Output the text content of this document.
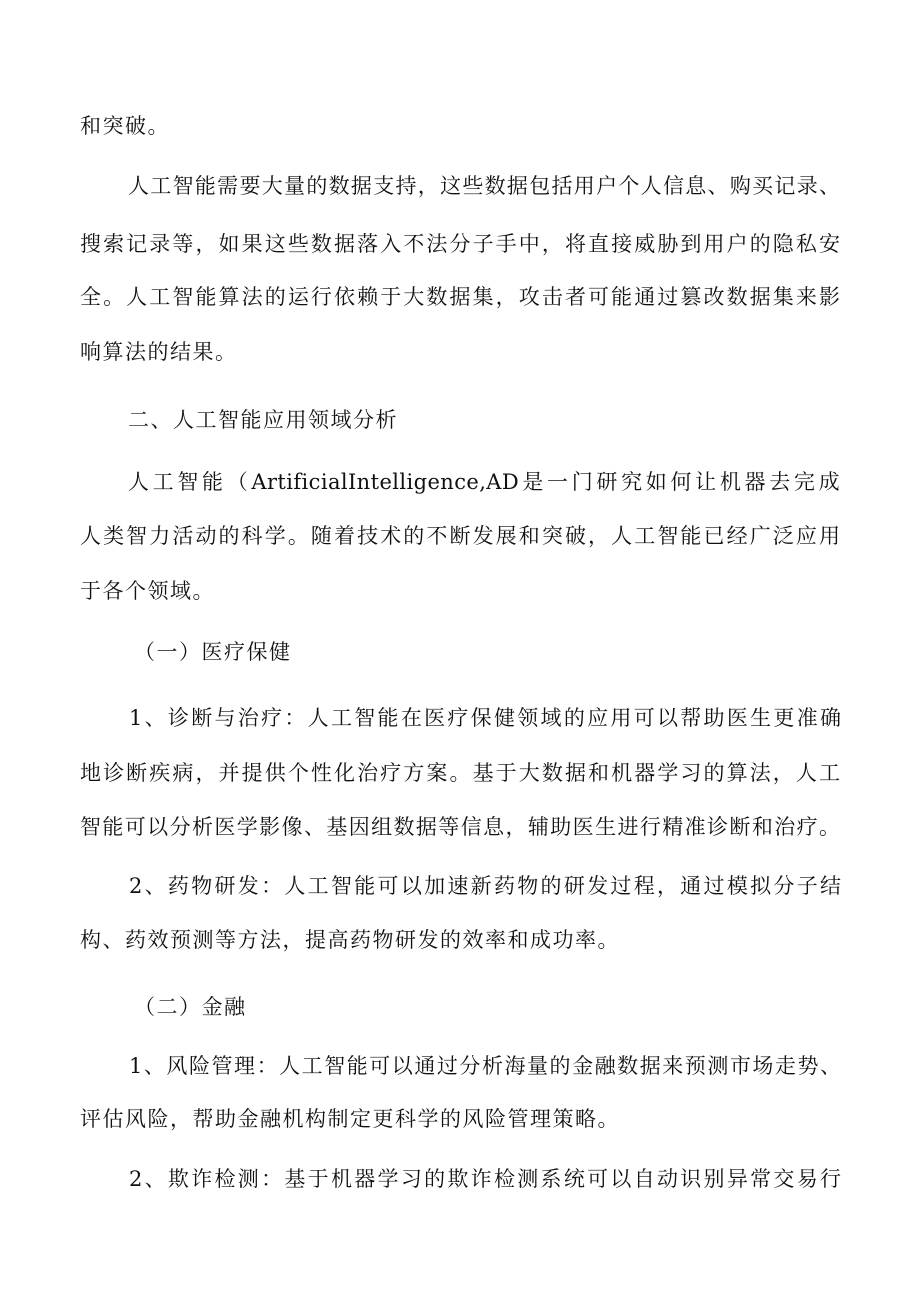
和突破。

人工智能需要大量的数据支持，这些数据包括用户个人信息、购买记录、

搜索记录等，如果这些数据落入不法分子手中，将直接威胁到用户的隐私安

全。人工智能算法的运行依赖于大数据集，攻击者可能通过篡改数据集来影

响算法的结果。

二、人工智能应用领域分析

人工智能（ArtificialIntelligence,AD是一门研究如何让机器去完成

人类智力活动的科学。随着技术的不断发展和突破，人工智能已经广泛应用

于各个领域。

（一）医疗保健

1、诊断与治疗：人工智能在医疗保健领域的应用可以帮助医生更准确

地诊断疾病，并提供个性化治疗方案。基于大数据和机器学习的算法，人工

智能可以分析医学影像、基因组数据等信息，辅助医生进行精准诊断和治疗。

2、药物研发：人工智能可以加速新药物的研发过程，通过模拟分子结

构、药效预测等方法，提高药物研发的效率和成功率。

（二）金融

1、风险管理：人工智能可以通过分析海量的金融数据来预测市场走势、

评估风险，帮助金融机构制定更科学的风险管理策略。

2、欺诈检测：基于机器学习的欺诈检测系统可以自动识别异常交易行
